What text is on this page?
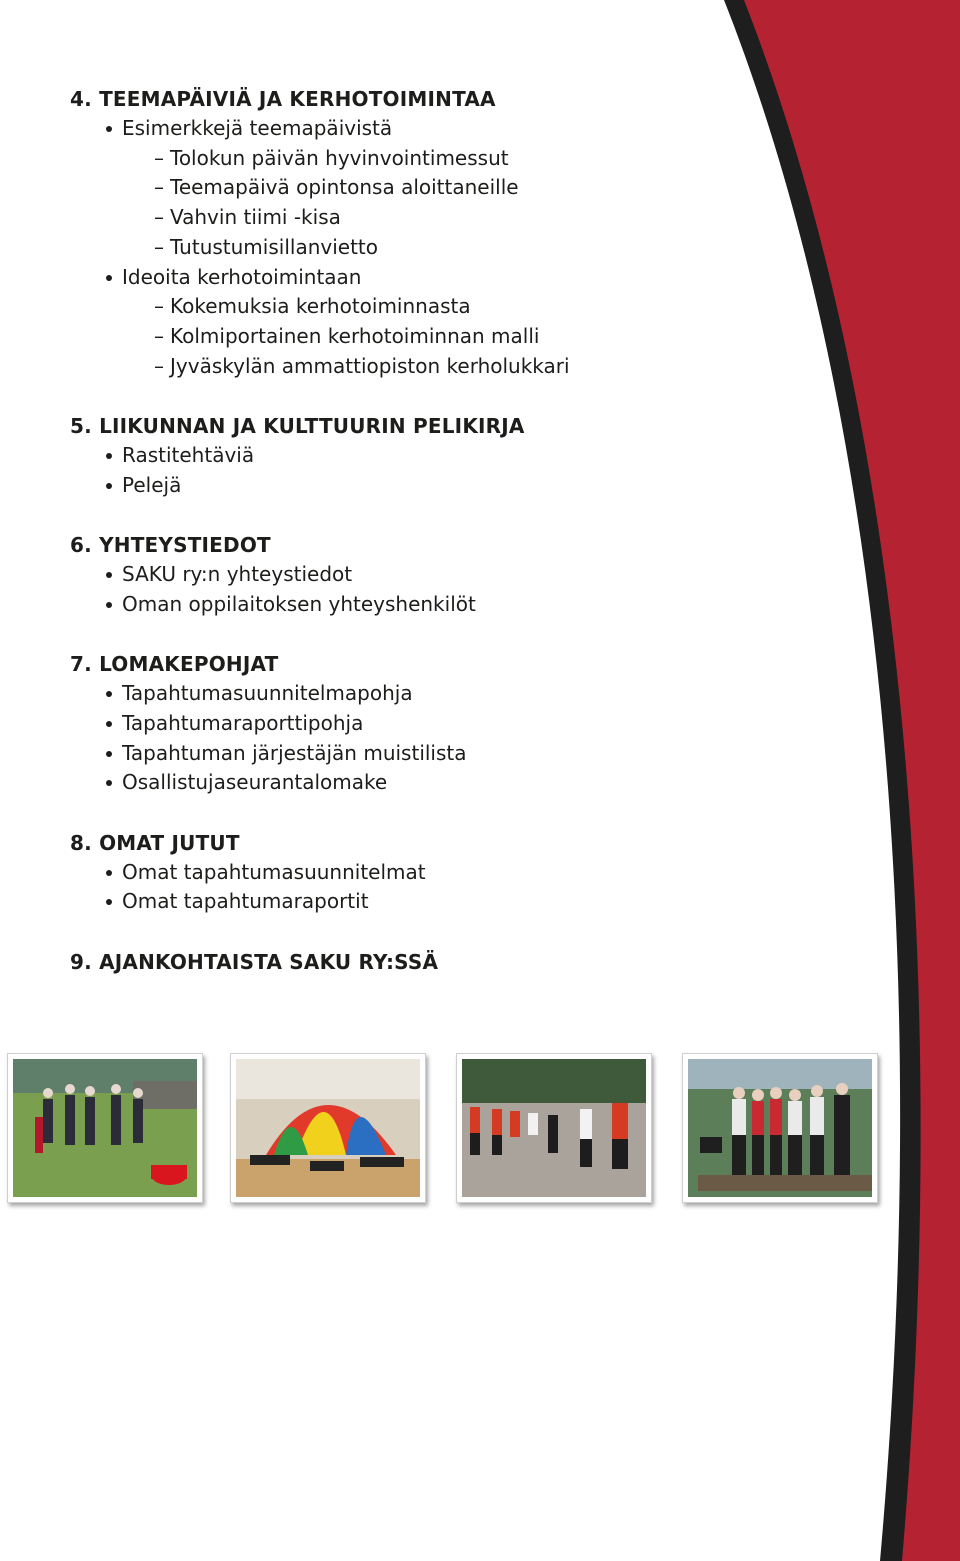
4. TEEMAPÄIVIÄ JA KERHOTOIMINTAA
Esimerkkejä teemapäivistä
– Tolokun päivän hyvinvointimessut
– Teemapäivä opintonsa aloittaneille
– Vahvin tiimi -kisa
– Tutustumisillanvietto
Ideoita kerhotoimintaan
– Kokemuksia kerhotoiminnasta
– Kolmiportainen kerhotoiminnan malli
– Jyväskylän ammattiopiston kerholukkari
5. LIIKUNNAN JA KULTTUURIN PELIKIRJA
Rastitehtäviä
Pelejä
6. YHTEYSTIEDOT
SAKU ry:n yhteystiedot
Oman oppilaitoksen yhteyshenkilöt
7. LOMAKEPOHJAT
Tapahtumasuunnitelmapohja
Tapahtumaraporttipohja
Tapahtuman järjestäjän muistilista
Osallistujaseurantalomake
8. OMAT JUTUT
Omat tapahtumasuunnitelmat
Omat tapahtumaraportit
9. AJANKOHTAISTA SAKU RY:SSÄ
